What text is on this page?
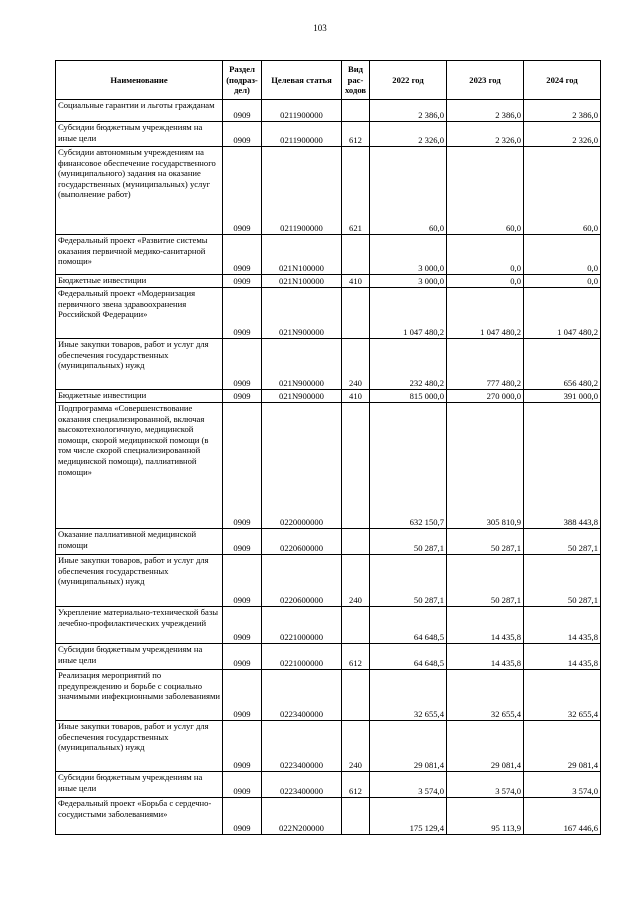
103
Наименование	Раздел (подраз-дел)	Целевая статья	Вид рас-ходов	2022 год	2023 год	2024 год
Социальные гарантии и льготы гражданам	0909	0211900000		2 386,0	2 386,0	2 386,0
Субсидии бюджетным учреждениям на иные цели	0909	0211900000	612	2 326,0	2 326,0	2 326,0
Субсидии автономным учреждениям на финансовое обеспечение государственного (муниципального) задания на оказание государственных (муниципальных) услуг (выполнение работ)	0909	0211900000	621	60,0	60,0	60,0
Федеральный проект «Развитие системы оказания первичной медико-санитарной помощи»	0909	021N100000		3 000,0	0,0	0,0
Бюджетные инвестиции	0909	021N100000	410	3 000,0	0,0	0,0
Федеральный проект «Модернизация первичного звена здравоохранения Российской Федерации»	0909	021N900000		1 047 480,2	1 047 480,2	1 047 480,2
Иные закупки товаров, работ и услуг для обеспечения государственных (муниципальных) нужд	0909	021N900000	240	232 480,2	777 480,2	656 480,2
Бюджетные инвестиции	0909	021N900000	410	815 000,0	270 000,0	391 000,0
Подпрограмма «Совершенствование оказания специализированной, включая высокотехнологичную, медицинской помощи, скорой медицинской помощи (в том числе скорой специализированной медицинской помощи), паллиативной помощи»	0909	0220000000		632 150,7	305 810,9	388 443,8
Оказание паллиативной медицинской помощи	0909	0220600000		50 287,1	50 287,1	50 287,1
Иные закупки товаров, работ и услуг для обеспечения государственных (муниципальных) нужд	0909	0220600000	240	50 287,1	50 287,1	50 287,1
Укрепление материально-технической базы лечебно-профилактических учреждений	0909	0221000000		64 648,5	14 435,8	14 435,8
Субсидии бюджетным учреждениям на иные цели	0909	0221000000	612	64 648,5	14 435,8	14 435,8
Реализация мероприятий по предупреждению и борьбе с социально значимыми инфекционными заболеваниями	0909	0223400000		32 655,4	32 655,4	32 655,4
Иные закупки товаров, работ и услуг для обеспечения государственных (муниципальных) нужд	0909	0223400000	240	29 081,4	29 081,4	29 081,4
Субсидии бюджетным учреждениям на иные цели	0909	0223400000	612	3 574,0	3 574,0	3 574,0
Федеральный проект «Борьба с сердечно-сосудистыми заболеваниями»	0909	022N200000		175 129,4	95 113,9	167 446,6
